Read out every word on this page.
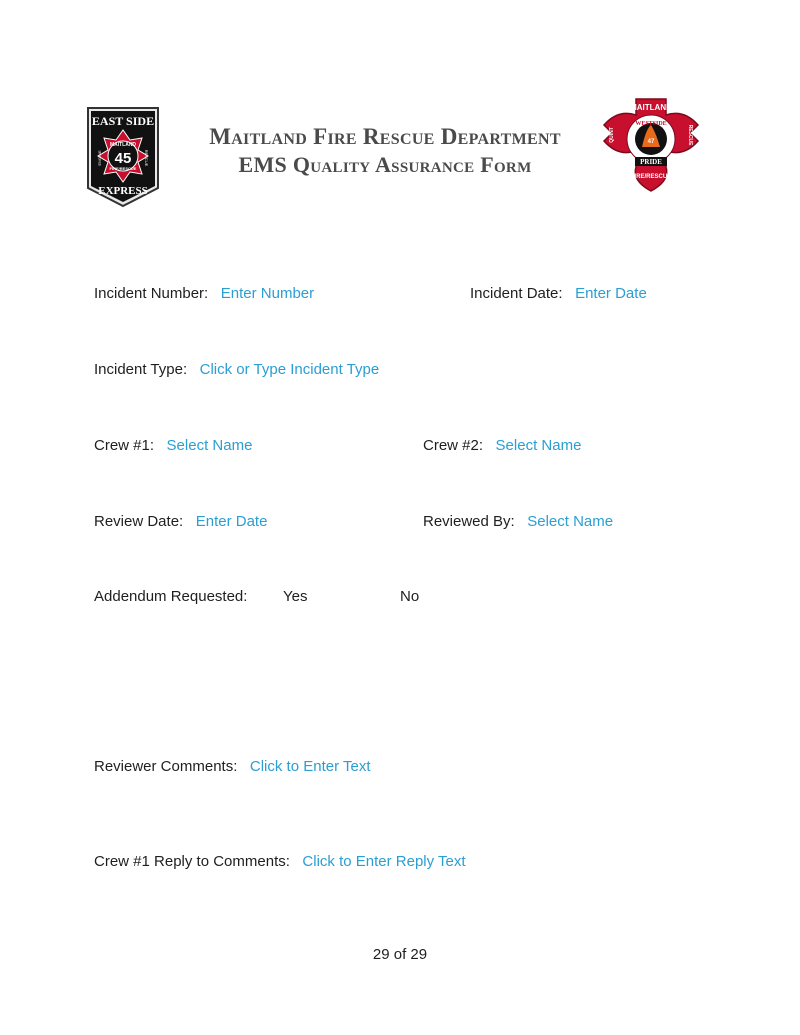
EAST SIDE
MAITLAND
45
FIRE/RESCUE
ENGINE	RESCUE
EXPRESS
Maitland Fire Rescue Department
EMS Quality Assurance Form
47
MAITLAND
WESTSIDE
QUINT	RESCUE
PRIDE
FIRE/RESCUE
Incident Number: Enter Number	Incident Date: Enter Date
Incident Type: Click or Type Incident Type
Crew #1: Select Name	Crew #2: Select Name
Review Date: Enter Date	Reviewed By: Select Name
Addendum Requested: Yes	No
Reviewer Comments: Click to Enter Text
Crew #1 Reply to Comments: Click to Enter Reply Text
29 of 29
